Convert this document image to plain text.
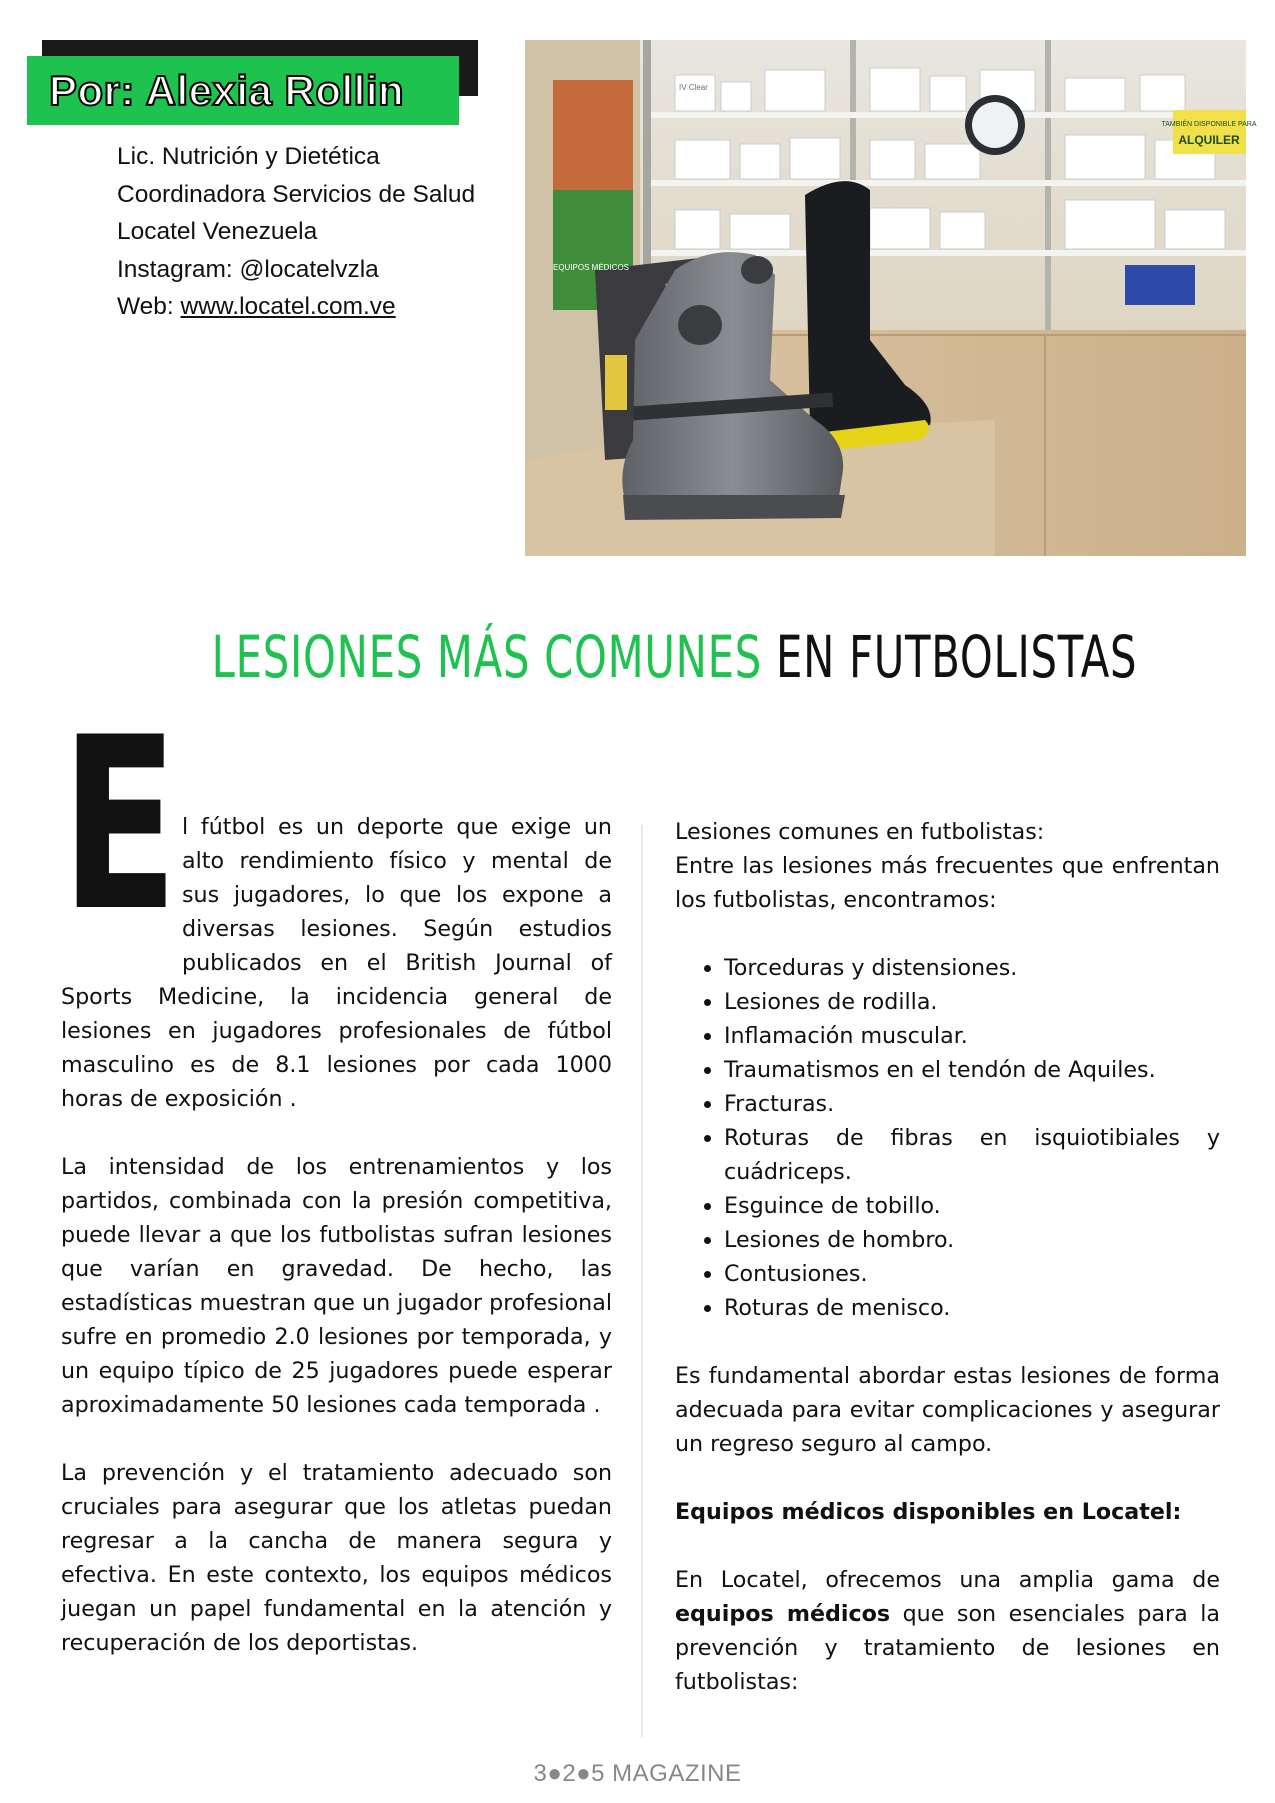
Por: Alexia Rollin
Lic. Nutrición y Dietética
Coordinadora Servicios de Salud
Locatel Venezuela
Instagram: @locatelvzla
Web: www.locatel.com.ve
TAMBIÉN DISPONIBLE PARA
ALQUILER
IV Clear
EQUIPOS MÉDICOS
LESIONES MÁS COMUNES EN FUTBOLISTAS
E l fútbol es un deporte que exige un alto rendimiento físico y mental de sus jugadores, lo que los expone a diversas lesiones. Según estudios publicados en el British Journal of Sports Medicine, la incidencia general de lesiones en jugadores profesionales de fútbol masculino es de 8.1 lesiones por cada 1000 horas de exposición .

La intensidad de los entrenamientos y los partidos, combinada con la presión competitiva, puede llevar a que los futbolistas sufran lesiones que varían en gravedad. De hecho, las estadísticas muestran que un jugador profesional sufre en promedio 2.0 lesiones por temporada, y un equipo típico de 25 jugadores puede esperar aproximadamente 50 lesiones cada temporada .

La prevención y el tratamiento adecuado son cruciales para asegurar que los atletas puedan regresar a la cancha de manera segura y efectiva. En este contexto, los equipos médicos juegan un papel fundamental en la atención y recuperación de los deportistas.

Lesiones comunes en futbolistas:

Entre las lesiones más frecuentes que enfrentan los futbolistas, encontramos:

• Torceduras y distensiones.
• Lesiones de rodilla.
• Inflamación muscular.
• Traumatismos en el tendón de Aquiles.
• Fracturas.
• Roturas de fibras en isquiotibiales y cuádriceps.
• Esguince de tobillo.
• Lesiones de hombro.
• Contusiones.
• Roturas de menisco.

Es fundamental abordar estas lesiones de forma adecuada para evitar complicaciones y asegurar un regreso seguro al campo.

Equipos médicos disponibles en Locatel:

En Locatel, ofrecemos una amplia gama de equipos médicos que son esenciales para la prevención y tratamiento de lesiones en futbolistas:

3●2●5 MAGAZINE
